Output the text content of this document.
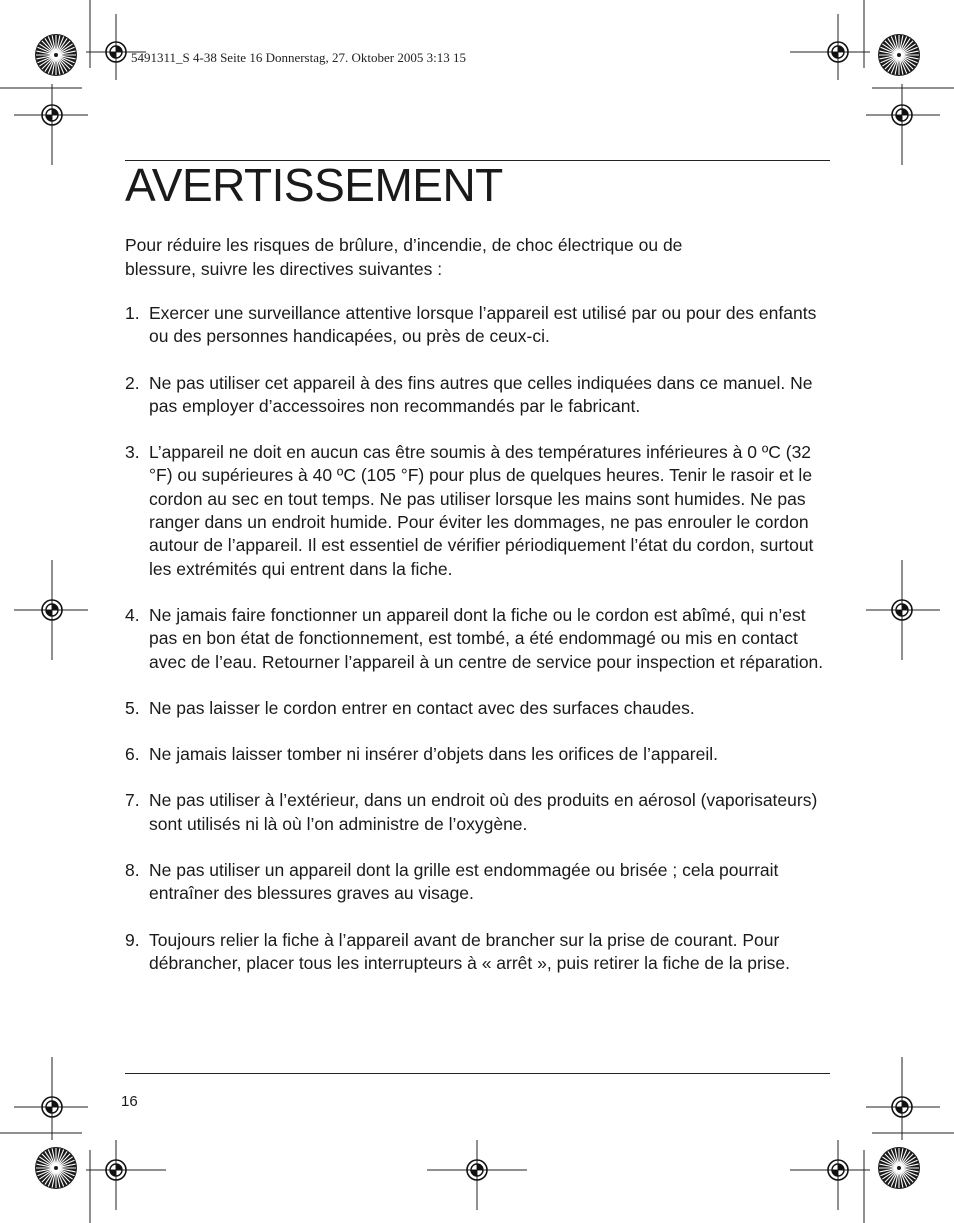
5491311_S 4-38 Seite 16 Donnerstag, 27. Oktober 2005 3:13 15
AVERTISSEMENT

Pour réduire les risques de brûlure, d’incendie, de choc électrique ou de blessure, suivre les directives suivantes :

1. Exercer une surveillance attentive lorsque l’appareil est utilisé par ou pour des enfants ou des personnes handicapées, ou près de ceux-ci.
2. Ne pas utiliser cet appareil à des fins autres que celles indiquées dans ce manuel. Ne pas employer d’accessoires non recommandés par le fabricant.
3. L’appareil ne doit en aucun cas être soumis à des températures inférieures à 0 ºC (32 °F) ou supérieures à 40 ºC (105 °F) pour plus de quelques heures. Tenir le rasoir et le cordon au sec en tout temps. Ne pas utiliser lorsque les mains sont humides. Ne pas ranger dans un endroit humide. Pour éviter les dommages, ne pas enrouler le cordon autour de l’appareil. Il est essentiel de vérifier périodiquement l’état du cordon, surtout les extrémités qui entrent dans la fiche.
4. Ne jamais faire fonctionner un appareil dont la fiche ou le cordon est abîmé, qui n’est pas en bon état de fonctionnement, est tombé, a été endommagé ou mis en contact avec de l’eau. Retourner l’appareil à un centre de service pour inspection et réparation.
5. Ne pas laisser le cordon entrer en contact avec des surfaces chaudes.
6. Ne jamais laisser tomber ni insérer d’objets dans les orifices de l’appareil.
7. Ne pas utiliser à l’extérieur, dans un endroit où des produits en aérosol (vaporisateurs) sont utilisés ni là où l’on administre de l’oxygène.
8. Ne pas utiliser un appareil dont la grille est endommagée ou brisée ; cela pourrait entraîner des blessures graves au visage.
9. Toujours relier la fiche à l’appareil avant de brancher sur la prise de courant. Pour débrancher, placer tous les interrupteurs à « arrêt », puis retirer la fiche de la prise.
16
